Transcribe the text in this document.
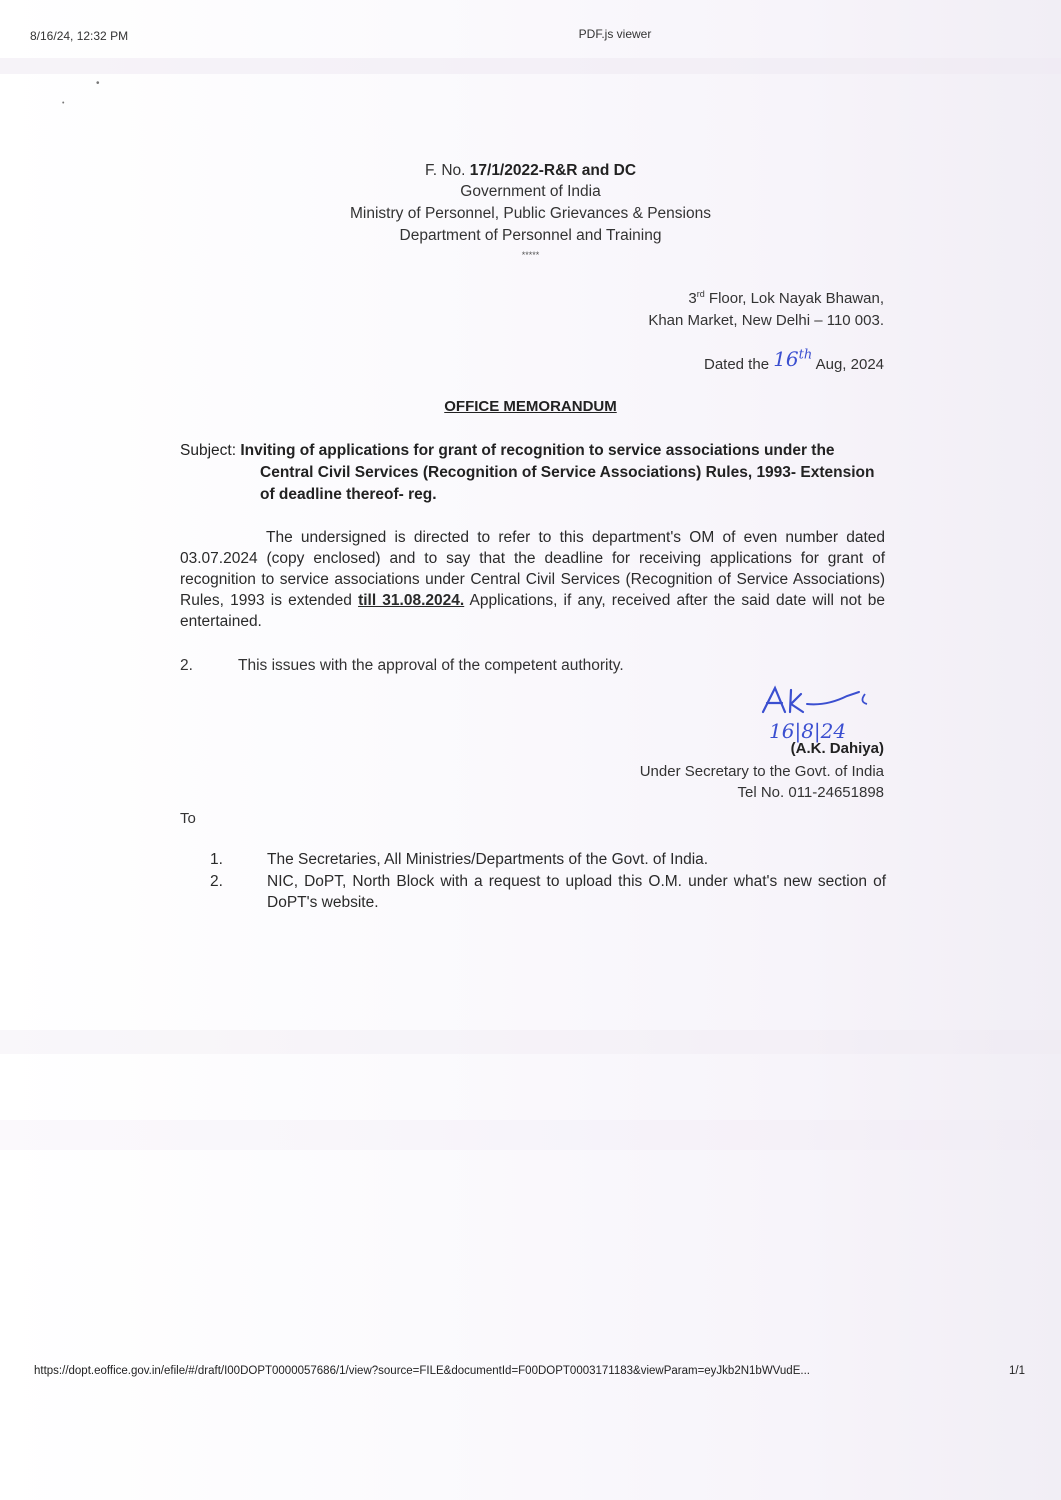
8/16/24, 12:32 PM	PDF.js viewer
•
•
F. No. 17/1/2022-R&R and DC
Government of India
Ministry of Personnel, Public Grievances & Pensions
Department of Personnel and Training
*****
3rd Floor, Lok Nayak Bhawan,
Khan Market, New Delhi – 110 003.
Dated the 16th Aug, 2024
OFFICE MEMORANDUM
Subject: Inviting of applications for grant of recognition to service associations under the Central Civil Services (Recognition of Service Associations) Rules, 1993- Extension of deadline thereof- reg.
The undersigned is directed to refer to this department's OM of even number dated 03.07.2024 (copy enclosed) and to say that the deadline for receiving applications for grant of recognition to service associations under Central Civil Services (Recognition of Service Associations) Rules, 1993 is extended till 31.08.2024. Applications, if any, received after the said date will not be entertained.
2.	This issues with the approval of the competent authority.
16|8|24
(A.K. Dahiya)
Under Secretary to the Govt. of India
Tel No. 011-24651898
To
1.	The Secretaries, All Ministries/Departments of the Govt. of India.
2.	NIC, DoPT, North Block with a request to upload this O.M. under what's new section of DoPT's website.
https://dopt.eoffice.gov.in/efile/#/draft/I00DOPT0000057686/1/view?source=FILE&documentId=F00DOPT0003171183&viewParam=eyJkb2N1bWVudE...	1/1
